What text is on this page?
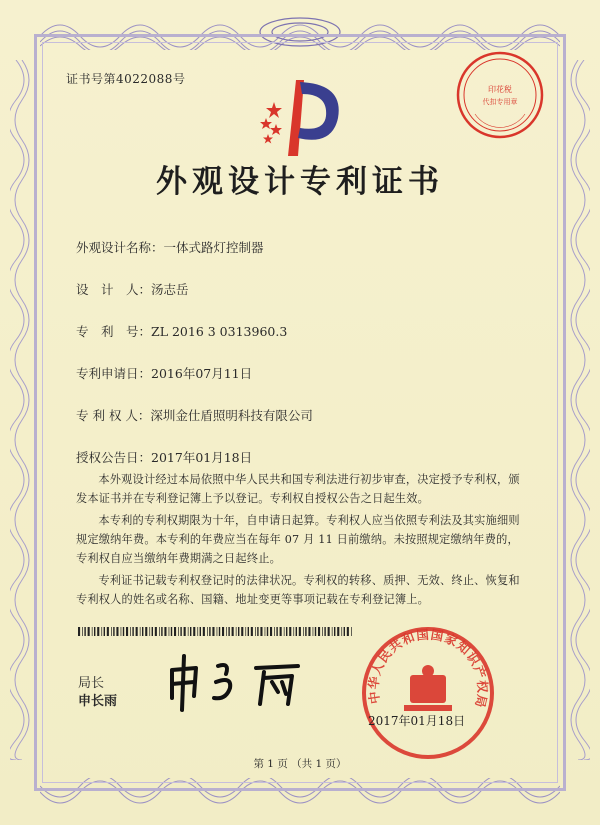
证书号第4022088号
印花税
代扣专用章
外观设计专利证书
外观设计名称：一体式路灯控制器
设　计　人：汤志岳
专　利　号：ZL 2016 3 0313960.3
专利申请日：2016年07月11日
专 利 权 人：深圳金仕盾照明科技有限公司
授权公告日：2017年01月18日

本外观设计经过本局依照中华人民共和国专利法进行初步审查，决定授予专利权，颁发本证书并在专利登记簿上予以登记。专利权自授权公告之日起生效。

本专利的专利权期限为十年，自申请日起算。专利权人应当依照专利法及其实施细则规定缴纳年费。本专利的年费应当在每年 07 月 11 日前缴纳。未按照规定缴纳年费的，专利权自应当缴纳年费期满之日起终止。

专利证书记载专利权登记时的法律状况。专利权的转移、质押、无效、终止、恢复和专利权人的姓名或名称、国籍、地址变更等事项记载在专利登记簿上。

局长
申长雨	中华人民共和国国家知识产权局
2017年01月18日
第 1 页 （共 1 页）
